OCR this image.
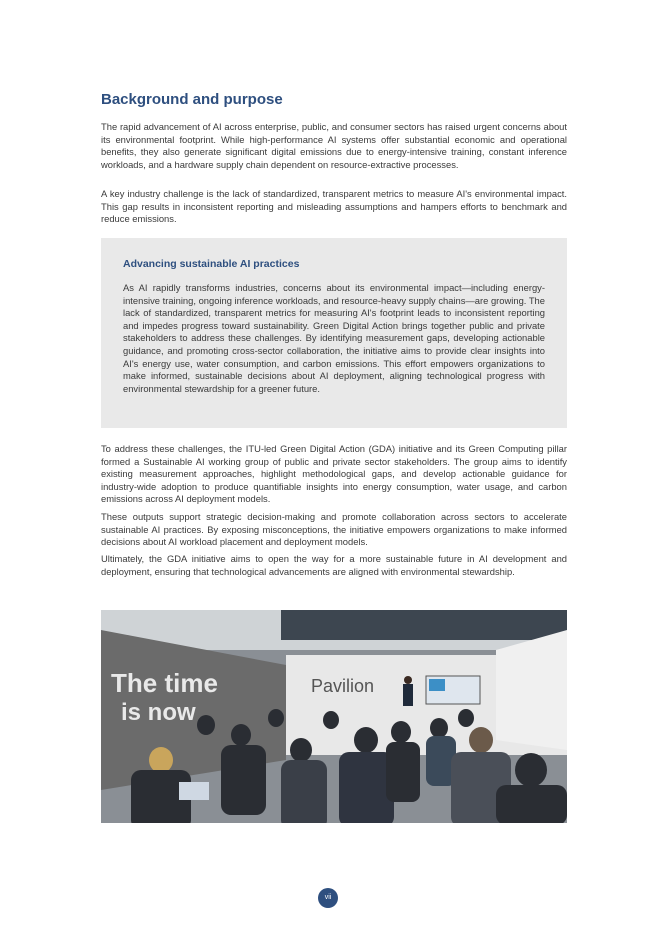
Background and purpose

The rapid advancement of AI across enterprise, public, and consumer sectors has raised urgent concerns about its environmental footprint. While high-performance AI systems offer substantial economic and operational benefits, they also generate significant digital emissions due to energy-intensive training, constant inference workloads, and a hardware supply chain dependent on resource-extractive processes.

A key industry challenge is the lack of standardized, transparent metrics to measure AI's environmental impact. This gap results in inconsistent reporting and misleading assumptions and hampers efforts to benchmark and reduce emissions.

Advancing sustainable AI practices

As AI rapidly transforms industries, concerns about its environmental impact—including energy-intensive training, ongoing inference workloads, and resource-heavy supply chains—are growing. The lack of standardized, transparent metrics for measuring AI's footprint leads to inconsistent reporting and impedes progress toward sustainability. Green Digital Action brings together public and private stakeholders to address these challenges. By identifying measurement gaps, developing actionable guidance, and promoting cross-sector collaboration, the initiative aims to provide clear insights into AI's energy use, water consumption, and carbon emissions. This effort empowers organizations to make informed, sustainable decisions about AI deployment, aligning technological progress with environmental stewardship for a greener future.

To address these challenges, the ITU-led Green Digital Action (GDA) initiative and its Green Computing pillar formed a Sustainable AI working group of public and private sector stakeholders. The group aims to identify existing measurement approaches, highlight methodological gaps, and develop actionable guidance for industry-wide adoption to produce quantifiable insights into energy consumption, water usage, and carbon emissions across AI deployment models.

These outputs support strategic decision-making and promote collaboration across sectors to accelerate sustainable AI practices. By exposing misconceptions, the initiative empowers organizations to make informed decisions about AI workload placement and deployment models.

Ultimately, the GDA initiative aims to open the way for a more sustainable future in AI development and deployment, ensuring that technological advancements are aligned with environmental stewardship.

The time
is now
Pavilion
vii
